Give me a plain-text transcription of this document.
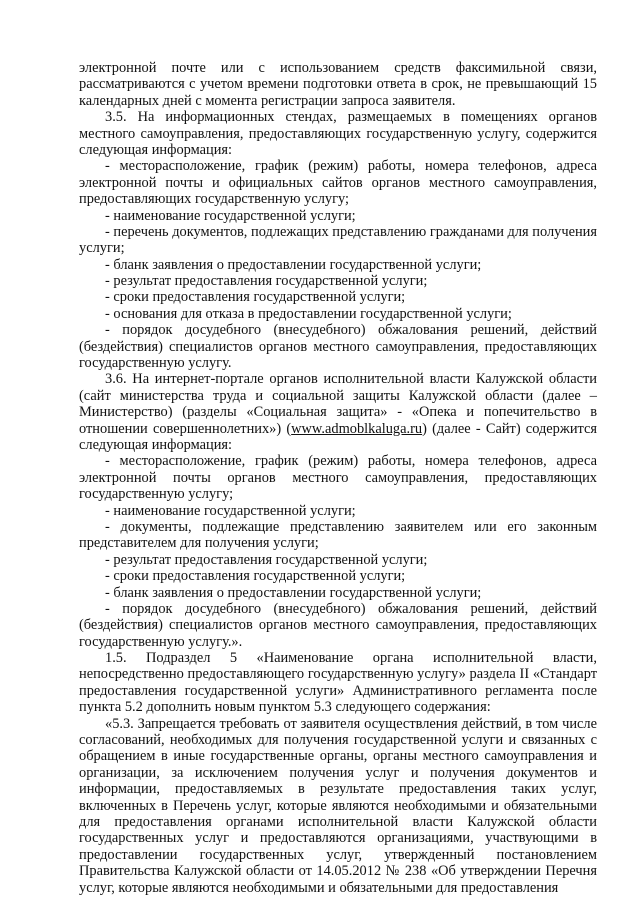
электронной почте или с использованием средств факсимильной связи, рассматриваются с учетом времени подготовки ответа в срок, не превышающий 15 календарных дней с момента регистрации запроса заявителя.

3.5. На информационных стендах, размещаемых в помещениях органов местного самоуправления, предоставляющих государственную услугу, содержится следующая информация:

- месторасположение, график (режим) работы, номера телефонов, адреса электронной почты и официальных сайтов органов местного самоуправления, предоставляющих государственную услугу;

- наименование государственной услуги;

- перечень документов, подлежащих представлению гражданами для получения услуги;

- бланк заявления о предоставлении государственной услуги;

- результат предоставления государственной услуги;

- сроки предоставления государственной услуги;

- основания для отказа в предоставлении государственной услуги;

- порядок досудебного (внесудебного) обжалования решений, действий (бездействия) специалистов органов местного самоуправления, предоставляющих государственную услугу.

3.6. На интернет-портале органов исполнительной власти Калужской области (сайт министерства труда и социальной защиты Калужской области (далее – Министерство) (разделы «Социальная защита» - «Опека и попечительство в отношении совершеннолетних») (www.admoblkaluga.ru) (далее - Сайт) содержится следующая информация:

- месторасположение, график (режим) работы, номера телефонов, адреса электронной почты органов местного самоуправления, предоставляющих государственную услугу;

- наименование государственной услуги;

- документы, подлежащие представлению заявителем или его законным представителем для получения услуги;

- результат предоставления государственной услуги;

- сроки предоставления государственной услуги;

- бланк заявления о предоставлении государственной услуги;

- порядок досудебного (внесудебного) обжалования решений, действий (бездействия) специалистов органов местного самоуправления, предоставляющих государственную услугу.».

1.5. Подраздел 5 «Наименование органа исполнительной власти, непосредственно предоставляющего государственную услугу» раздела II «Стандарт предоставления государственной услуги» Административного регламента после пункта 5.2 дополнить новым пунктом 5.3 следующего содержания:

«5.3. Запрещается требовать от заявителя осуществления действий, в том числе согласований, необходимых для получения государственной услуги и связанных с обращением в иные государственные органы, органы местного самоуправления и организации, за исключением получения услуг и получения документов и информации, предоставляемых в результате предоставления таких услуг, включенных в Перечень услуг, которые являются необходимыми и обязательными для предоставления органами исполнительной власти Калужской области государственных услуг и предоставляются организациями, участвующими в предоставлении государственных услуг, утвержденный постановлением Правительства Калужской области от 14.05.2012 № 238 «Об утверждении Перечня услуг, которые являются необходимыми и обязательными для предоставления
